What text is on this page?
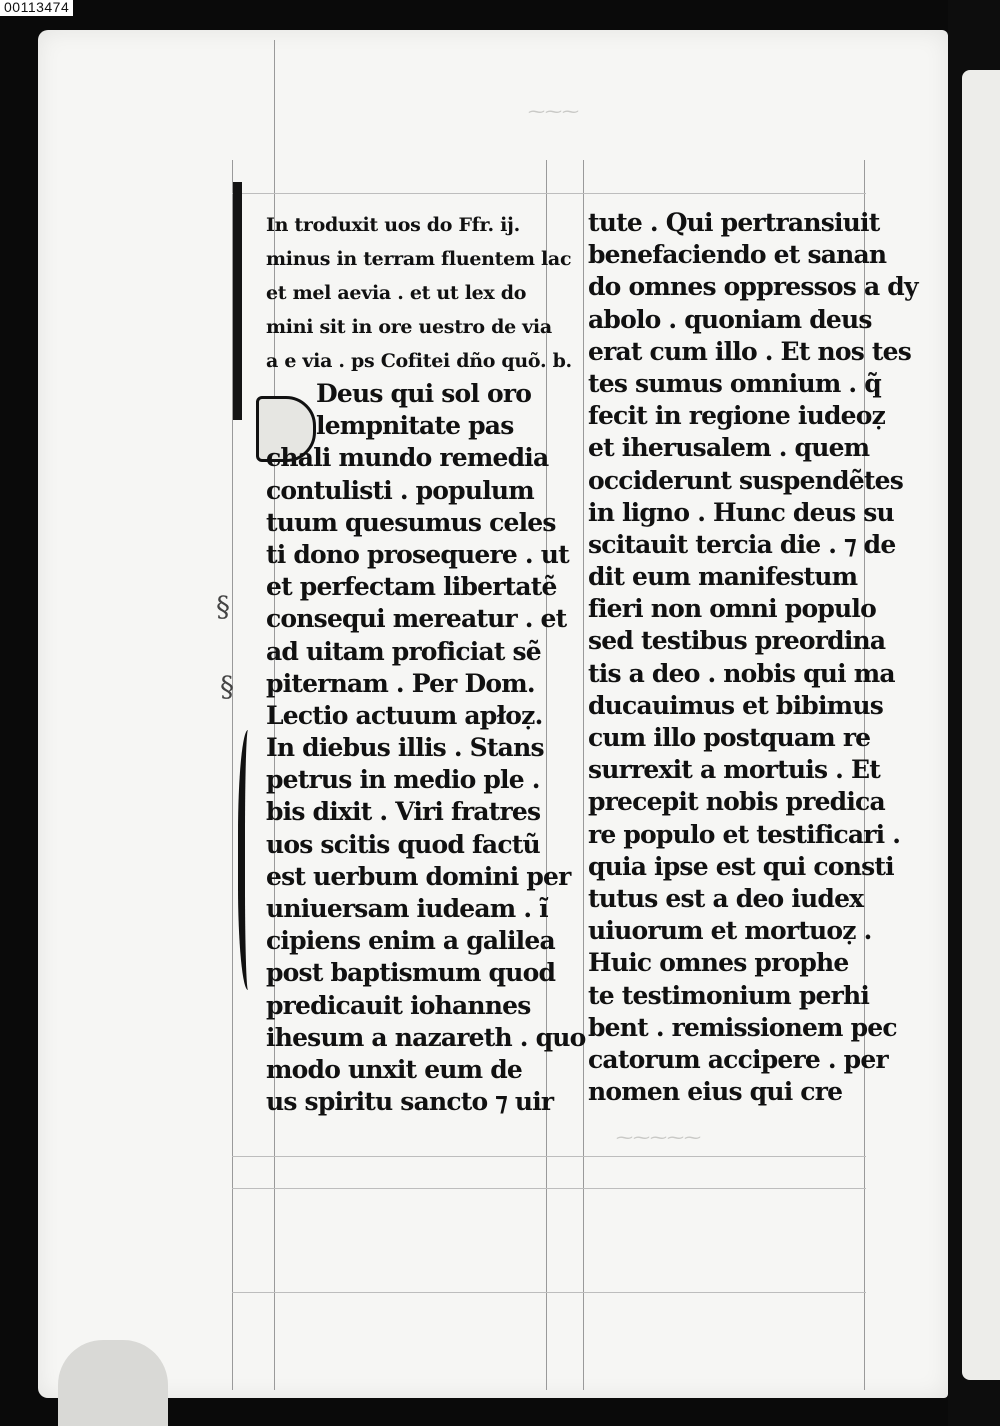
00113474
⁓⁓⁓
⁓⁓⁓⁓⁓
§
§
In troduxit uos do Ffr. ij.
minus in terram fluentem lac
et mel aevia . et ut lex do
mini sit in ore uestro de via
a e via . ps Cofitei dño quõ. b.
Deus qui sol oro
lempnitate pas
chali mundo remedia
contulisti . populum
tuum quesumus celes
ti dono prosequere . ut
et perfectam libertatẽ
consequi mereatur . et
ad uitam proficiat sẽ
piternam . Per Dom.
Lectio actuum apłoẓ.
In diebus illis . Stans
petrus in medio ple .
bis dixit . Viri fratres
uos scitis quod factũ
est uerbum domini per
uniuersam iudeam . ĩ
cipiens enim a galilea
post baptismum quod
predicauit iohannes
ihesum a nazareth . quo
modo unxit eum de
us spiritu sancto ⁊ uir
tute . Qui pertransiuit
benefaciendo et sanan
do omnes oppressos a dy
abolo . quoniam deus
erat cum illo . Et nos tes
tes sumus omnium . q̃
fecit in regione iudeoẓ
et iherusalem . quem
occiderunt suspendẽtes
in ligno . Hunc deus su
scitauit tercia die . ⁊ de
dit eum manifestum
fieri non omni populo
sed testibus preordina
tis a deo . nobis qui ma
ducauimus et bibimus
cum illo postquam re
surrexit a mortuis . Et
precepit nobis predica
re populo et testificari .
quia ipse est qui consti
tutus est a deo iudex
uiuorum et mortuoẓ .
Huic omnes prophe
te testimonium perhi
bent . remissionem pec
catorum accipere . per
nomen eius qui cre
